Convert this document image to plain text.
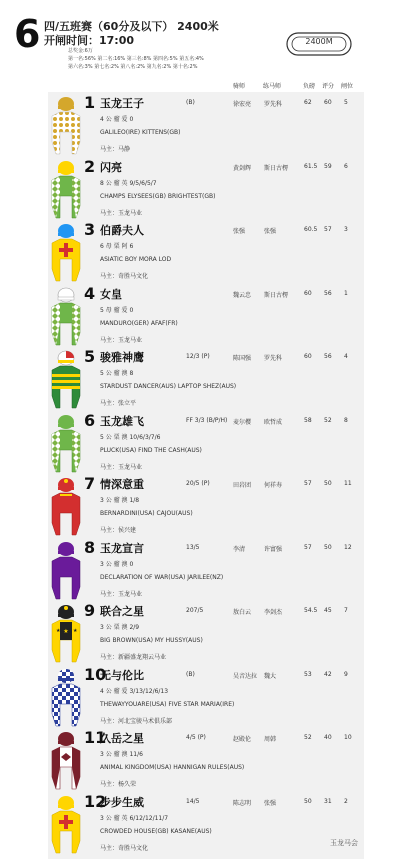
6 四/五班赛（60分及以下） 2400米
开闸时间：17:00
总奖金:6万
第一名:56% 第二名:16% 第三名:8% 第四名:5% 第五名:4%
第六名:3% 第七名:2% 第八名:2% 第九名:2% 第十名:2%
2400M
骑师	练马师	负磅 评分 闸位
1 玉龙王子	(B)	徐宏亮 罗先科	62 60 5
4 公 骝 爱 0
GALILEO(IRE) KITTENS(GB)
马主：马静
2 闪亮	黄剑辉 斯日古楞	61.5 59 6
8 公 骝 英 9/5/6/5/7
CHAMPS ELYSEES(GB) BRIGHTEST(GB)
马主：玉龙马业
3 伯爵夫人	张强	张强	60.5 57 3
6 母 栗 阿 6
ASIATIC BOY MORA LOD
马主：奇胜马文化
4 女皇	魏云忠 斯日古楞	60 56 1
5 母 骝 爱 0
MANDURO(GER) AFAF(FR)
马主：玉龙马业
5 骏雅神鹰	12/3 (P)	陈国强 罗先科	60 56 4
5 公 骝 澳 8
STARDUST DANCER(AUS) LAPTOP SHEZ(AUS)
马主：张立平
6 玉龙雄飞	FF 3/3 (B/P/H) 麦尔樱 欧哲成	58 52 8
5 公 栗 澳 10/6/3/7/6
PLUCK(USA) FIND THE CASH(AUS)
马主：玉龙马业
7 情深意重	20/5 (P)	田岩团 何祥寿	57 50 11
3 公 骝 澳 1/8
BERNARDINI(USA) CAJOU(AUS)
马主：侯兴建
8 玉龙宣言	13/5	李清	许富强	57 50 12
3 公 骝 澳 0
DECLARATION OF WAR(USA) JARILEE(NZ)
马主：玉龙马业
9 联合之星	207/5	敖白云 李剑杰	54.5 45 7
3 公 栗 澳 2/9
BIG BROWN(USA) MY HUSSY(AUS)
马主：新疆盛龙翔云马业
★
★	★
10
无与伦比	(B)	吴音达拉 魏大	53 42 9
4 公 骝 爱 3/13/12/6/13
THEWAYYOUARE(USA) FIVE STAR MARIA(IRE)
马主：河北宝骏马术俱乐部
11
久岳之星	4/5 (P)	赵殿伦 周韩	52 40 10
3 公 骝 澳 11/6
ANIMAL KINGDOM(USA) HANNIGAN RULES(AUS)
马主：杨久荣
12
步步生威	14/5	陈志明 张强	50 31 2
3 公 骝 英 6/12/12/11/7
CROWDED HOUSE(GB) KASANE(AUS)
马主：奇胜马文化
玉龙马会
